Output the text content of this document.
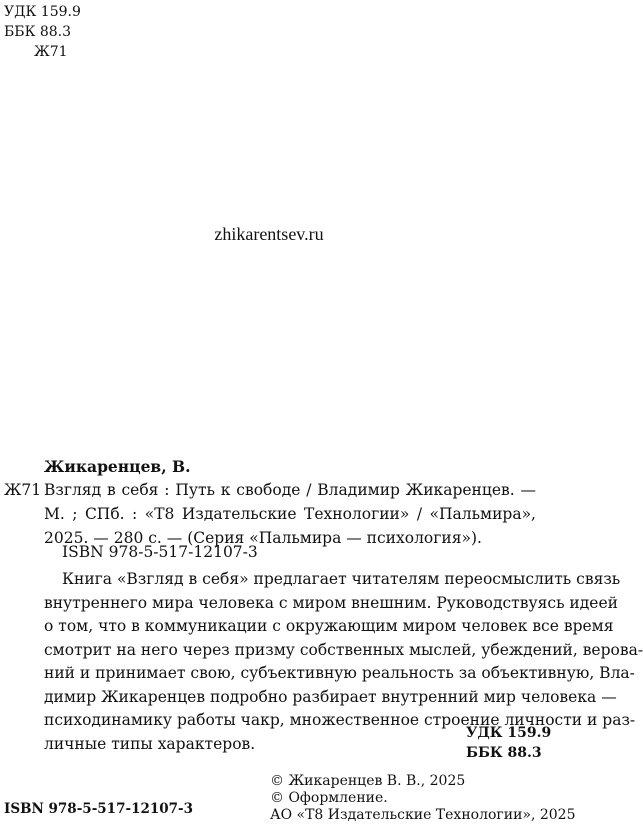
УДК 159.9
ББК 88.3
Ж71
zhikarentsev.ru
Жикаренцев, В.
Ж71 Взгляд в себя : Путь к свободе / Владимир Жикаренцев. —
М. ; СПб. : «Т8 Издательские Технологии» / «Пальмира»,
2025. — 280 с. — (Серия «Пальмира — психология»).
ISBN 978-5-517-12107-3
Книга «Взгляд в себя» предлагает читателям переосмыслить связь
внутреннего мира человека с миром внешним. Руководствуясь идеей
о том, что в коммуникации с окружающим миром человек все время
смотрит на него через призму собственных мыслей, убеждений, верова-
ний и принимает свою, субъективную реальность за объективную, Вла-
димир Жикаренцев подробно разбирает внутренний мир человека —
психодинамику работы чакр, множественное строение личности и раз-
личные типы характеров.
УДК 159.9
ББК 88.3
© Жикаренцев В. В., 2025
© Оформление.
АО «Т8 Издательские Технологии», 2025
ISBN 978-5-517-12107-3
